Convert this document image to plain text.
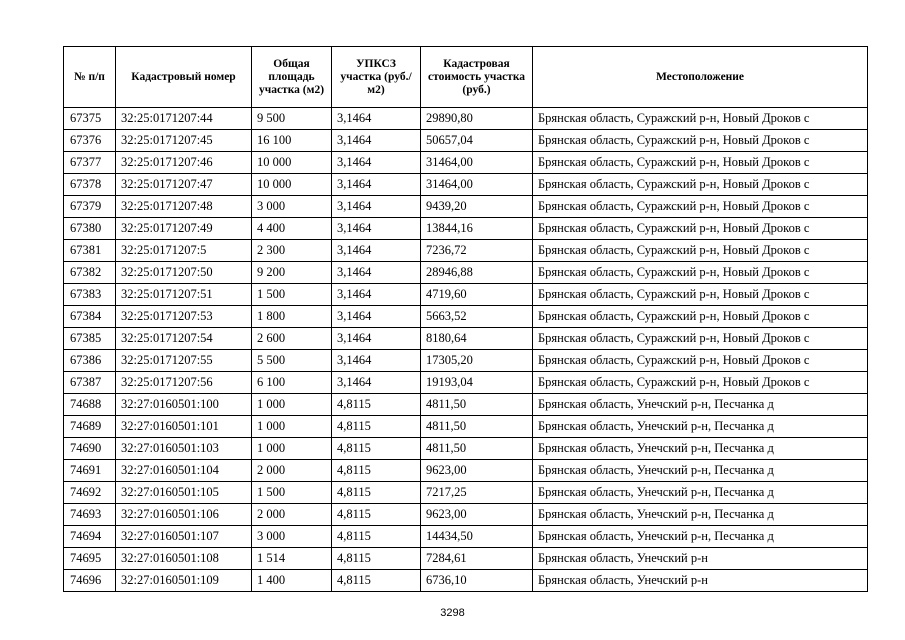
№ п/п	Кадастровый номер	Общая площадь участка (м2)	УПКСЗ участка (руб./м2)	Кадастровая стоимость участка (руб.)	Местоположение
67375	32:25:0171207:44	9 500	3,1464	29890,80	Брянская область, Суражский р-н, Новый Дроков с
67376	32:25:0171207:45	16 100	3,1464	50657,04	Брянская область, Суражский р-н, Новый Дроков с
67377	32:25:0171207:46	10 000	3,1464	31464,00	Брянская область, Суражский р-н, Новый Дроков с
67378	32:25:0171207:47	10 000	3,1464	31464,00	Брянская область, Суражский р-н, Новый Дроков с
67379	32:25:0171207:48	3 000	3,1464	9439,20	Брянская область, Суражский р-н, Новый Дроков с
67380	32:25:0171207:49	4 400	3,1464	13844,16	Брянская область, Суражский р-н, Новый Дроков с
67381	32:25:0171207:5	2 300	3,1464	7236,72	Брянская область, Суражский р-н, Новый Дроков с
67382	32:25:0171207:50	9 200	3,1464	28946,88	Брянская область, Суражский р-н, Новый Дроков с
67383	32:25:0171207:51	1 500	3,1464	4719,60	Брянская область, Суражский р-н, Новый Дроков с
67384	32:25:0171207:53	1 800	3,1464	5663,52	Брянская область, Суражский р-н, Новый Дроков с
67385	32:25:0171207:54	2 600	3,1464	8180,64	Брянская область, Суражский р-н, Новый Дроков с
67386	32:25:0171207:55	5 500	3,1464	17305,20	Брянская область, Суражский р-н, Новый Дроков с
67387	32:25:0171207:56	6 100	3,1464	19193,04	Брянская область, Суражский р-н, Новый Дроков с
74688	32:27:0160501:100	1 000	4,8115	4811,50	Брянская область, Унечский р-н, Песчанка д
74689	32:27:0160501:101	1 000	4,8115	4811,50	Брянская область, Унечский р-н, Песчанка д
74690	32:27:0160501:103	1 000	4,8115	4811,50	Брянская область, Унечский р-н, Песчанка д
74691	32:27:0160501:104	2 000	4,8115	9623,00	Брянская область, Унечский р-н, Песчанка д
74692	32:27:0160501:105	1 500	4,8115	7217,25	Брянская область, Унечский р-н, Песчанка д
74693	32:27:0160501:106	2 000	4,8115	9623,00	Брянская область, Унечский р-н, Песчанка д
74694	32:27:0160501:107	3 000	4,8115	14434,50	Брянская область, Унечский р-н, Песчанка д
74695	32:27:0160501:108	1 514	4,8115	7284,61	Брянская область, Унечский р-н
74696	32:27:0160501:109	1 400	4,8115	6736,10	Брянская область, Унечский р-н
3298
